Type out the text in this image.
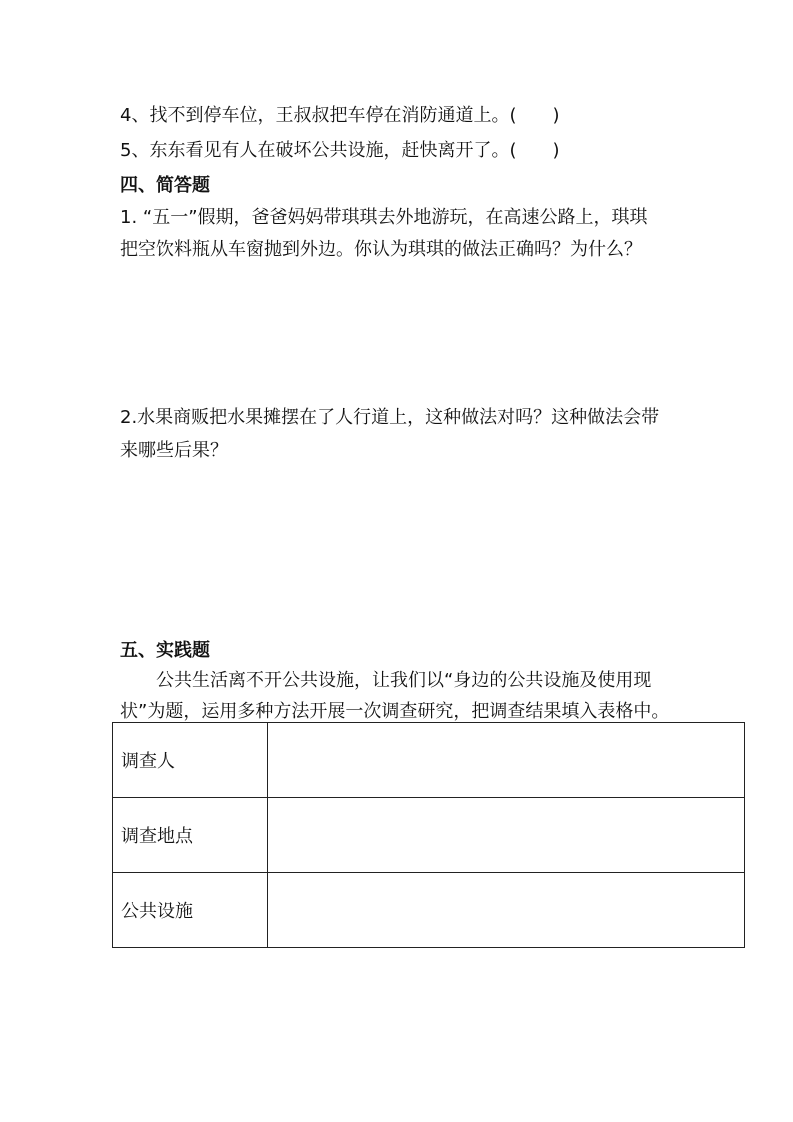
4、找不到停车位，王叔叔把车停在消防通道上。(　　)
5、东东看见有人在破坏公共设施，赶快离开了。(　　)
四、简答题
1. “五一”假期，爸爸妈妈带琪琪去外地游玩，在高速公路上，琪琪
把空饮料瓶从车窗抛到外边。你认为琪琪的做法正确吗？为什么？
2.水果商贩把水果摊摆在了人行道上，这种做法对吗？这种做法会带
来哪些后果？
五、实践题
公共生活离不开公共设施，让我们以“身边的公共设施及使用现状”为题，运用多种方法开展一次调查研究，把调查结果填入表格中。
调查人	
调查地点	
公共设施	
